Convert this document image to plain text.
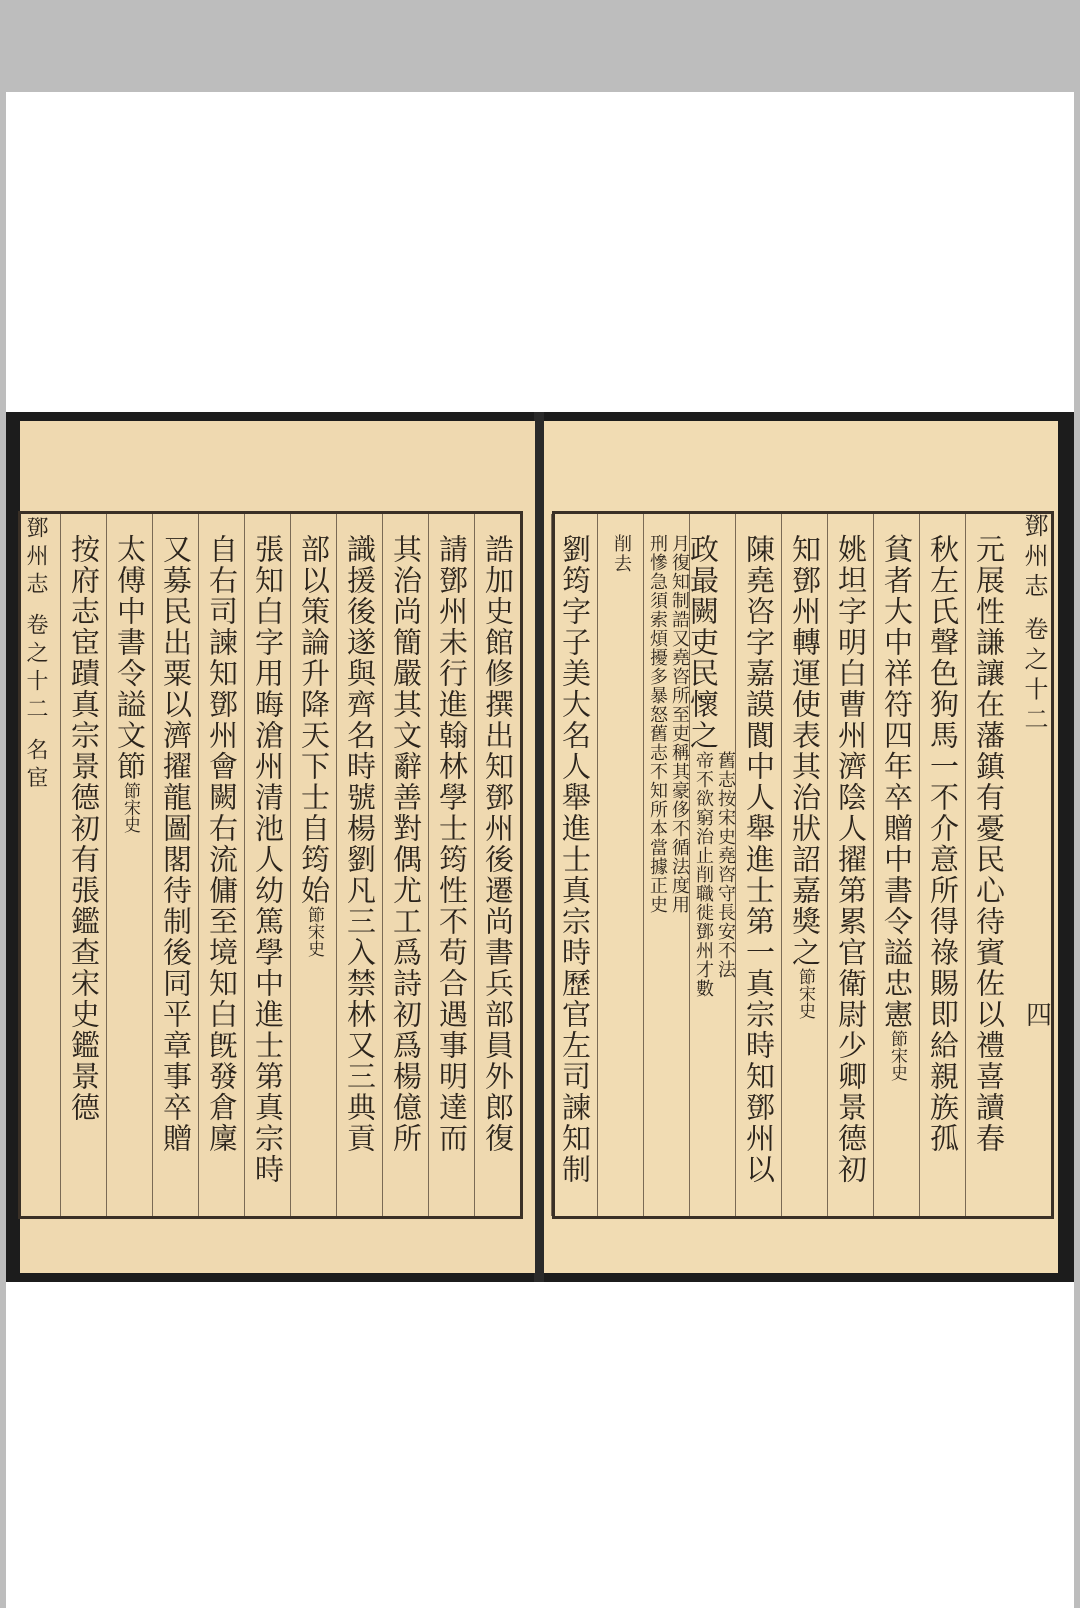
鄧州志 卷之十二 名宦	誥加史館修撰出知鄧州後遷尚書兵部員外郎復
請鄧州未行進翰林學士筠性不苟合遇事明達而
其治尚簡嚴其文辭善對偶尤工爲詩初爲楊億所
識援後遂與齊名時號楊劉凡三入禁林又三典貢
部以策論升降天下士自筠始節宋史
張知白字用晦滄州清池人幼篤學中進士第真宗時
自右司諫知鄧州會闕右流傭至境知白旣發倉廩
又募民出粟以濟擢龍圖閣待制後同平章事卒贈
太傅中書令謚文節節宋史
按府志宦蹟真宗景德初有張鑑查宋史鑑景德	鄧州志 卷之十二
四
元展性謙讓在藩鎮有憂民心待賓佐以禮喜讀春
秋左氏聲色狗馬一不介意所得祿賜即給親族孤
貧者大中祥符四年卒贈中書令謚忠憲節宋史
姚坦字明白曹州濟陰人擢第累官衛尉少卿景德初
知鄧州轉運使表其治狀詔嘉獎之節宋史
陳堯咨字嘉謨閬中人舉進士第一真宗時知鄧州以
政最闕吏民懷之
舊志按宋史堯咨守長安不法
帝不欲窮治止削職徙鄧州才數
月復知制誥又堯咨所至吏稱其豪侈不循法度用
刑慘急須索煩擾多暴怒舊志不知所本當據正史
削去
劉筠字子美大名人舉進士真宗時歷官左司諫知制
